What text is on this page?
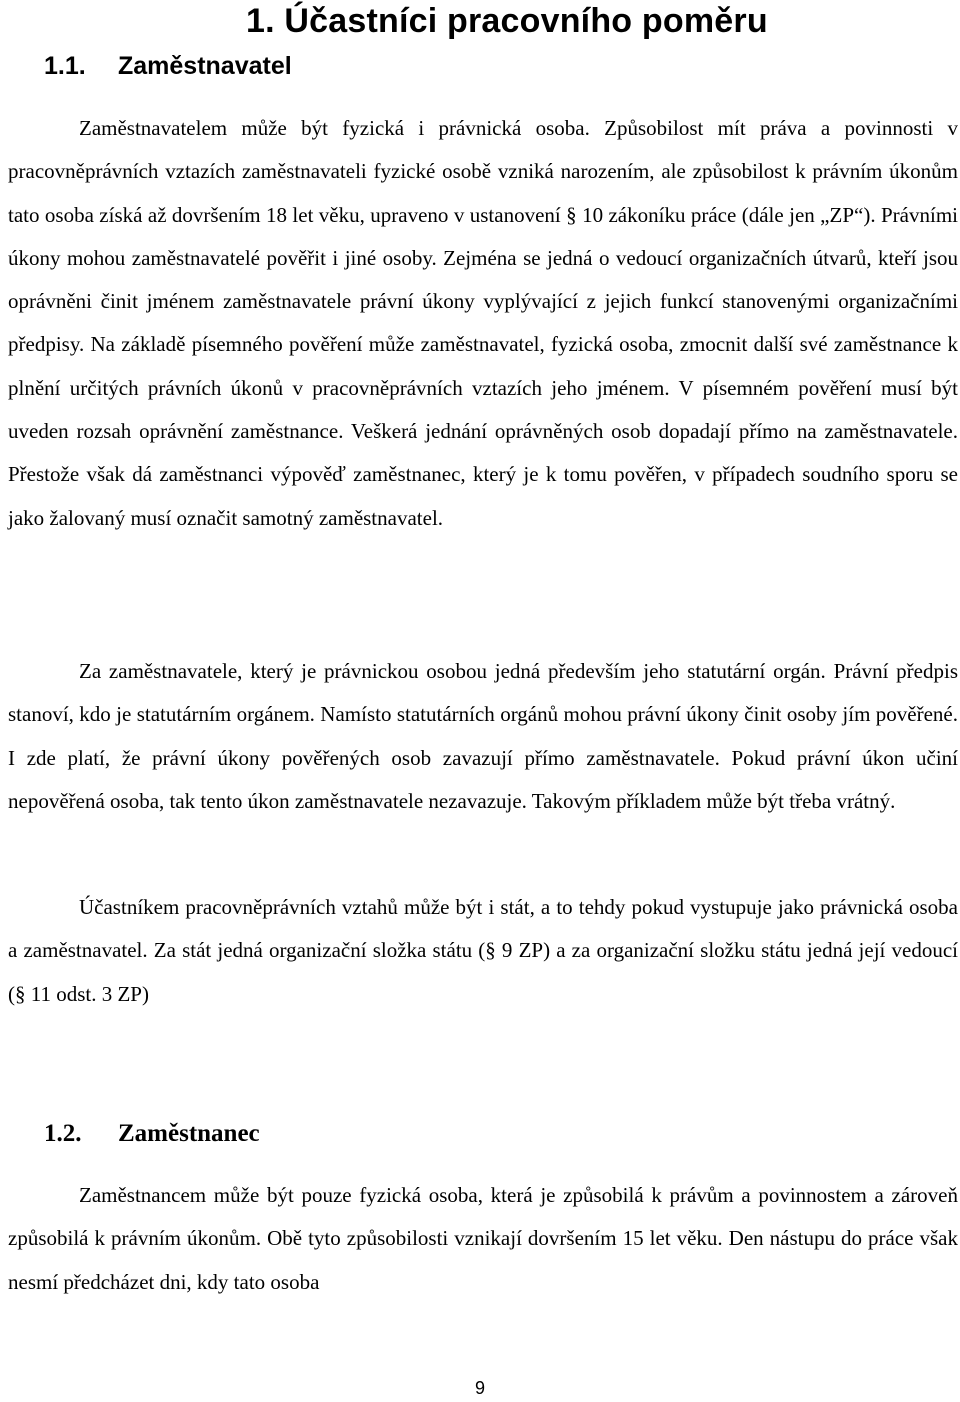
1. Účastníci pracovního poměru
1.1. Zaměstnavatel

Zaměstnavatelem může být fyzická i právnická osoba. Způsobilost mít práva a povinnosti v pracovněprávních vztazích zaměstnavateli fyzické osobě vzniká narozením, ale způsobilost k právním úkonům tato osoba získá až dovršením 18 let věku, upraveno v ustanovení § 10 zákoníku práce (dále jen „ZP“). Právními úkony mohou zaměstnavatelé pověřit i jiné osoby. Zejména se jedná o vedoucí organizačních útvarů, kteří jsou oprávněni činit jménem zaměstnavatele právní úkony vyplývající z jejich funkcí stanovenými organizačními předpisy. Na základě písemného pověření může zaměstnavatel, fyzická osoba, zmocnit další své zaměstnance k plnění určitých právních úkonů v pracovněprávních vztazích jeho jménem. V písemném pověření musí být uveden rozsah oprávnění zaměstnance. Veškerá jednání oprávněných osob dopadají přímo na zaměstnavatele. Přestože však dá zaměstnanci výpověď zaměstnanec, který je k tomu pověřen, v případech soudního sporu se jako žalovaný musí označit samotný zaměstnavatel.

Za zaměstnavatele, který je právnickou osobou jedná především jeho statutární orgán. Právní předpis stanoví, kdo je statutárním orgánem. Namísto statutárních orgánů mohou právní úkony činit osoby jím pověřené. I zde platí, že právní úkony pověřených osob zavazují přímo zaměstnavatele. Pokud právní úkon učiní nepověřená osoba, tak tento úkon zaměstnavatele nezavazuje. Takovým příkladem může být třeba vrátný.

Účastníkem pracovněprávních vztahů může být i stát, a to tehdy pokud vystupuje jako právnická osoba a zaměstnavatel. Za stát jedná organizační složka státu (§ 9 ZP) a za organizační složku státu jedná její vedoucí (§ 11 odst. 3 ZP)

1.2. Zaměstnanec

Zaměstnancem může být pouze fyzická osoba, která je způsobilá k právům a povinnostem a zároveň způsobilá k právním úkonům. Obě tyto způsobilosti vznikají dovršením 15 let věku. Den nástupu do práce však nesmí předcházet dni, kdy tato osoba

9
